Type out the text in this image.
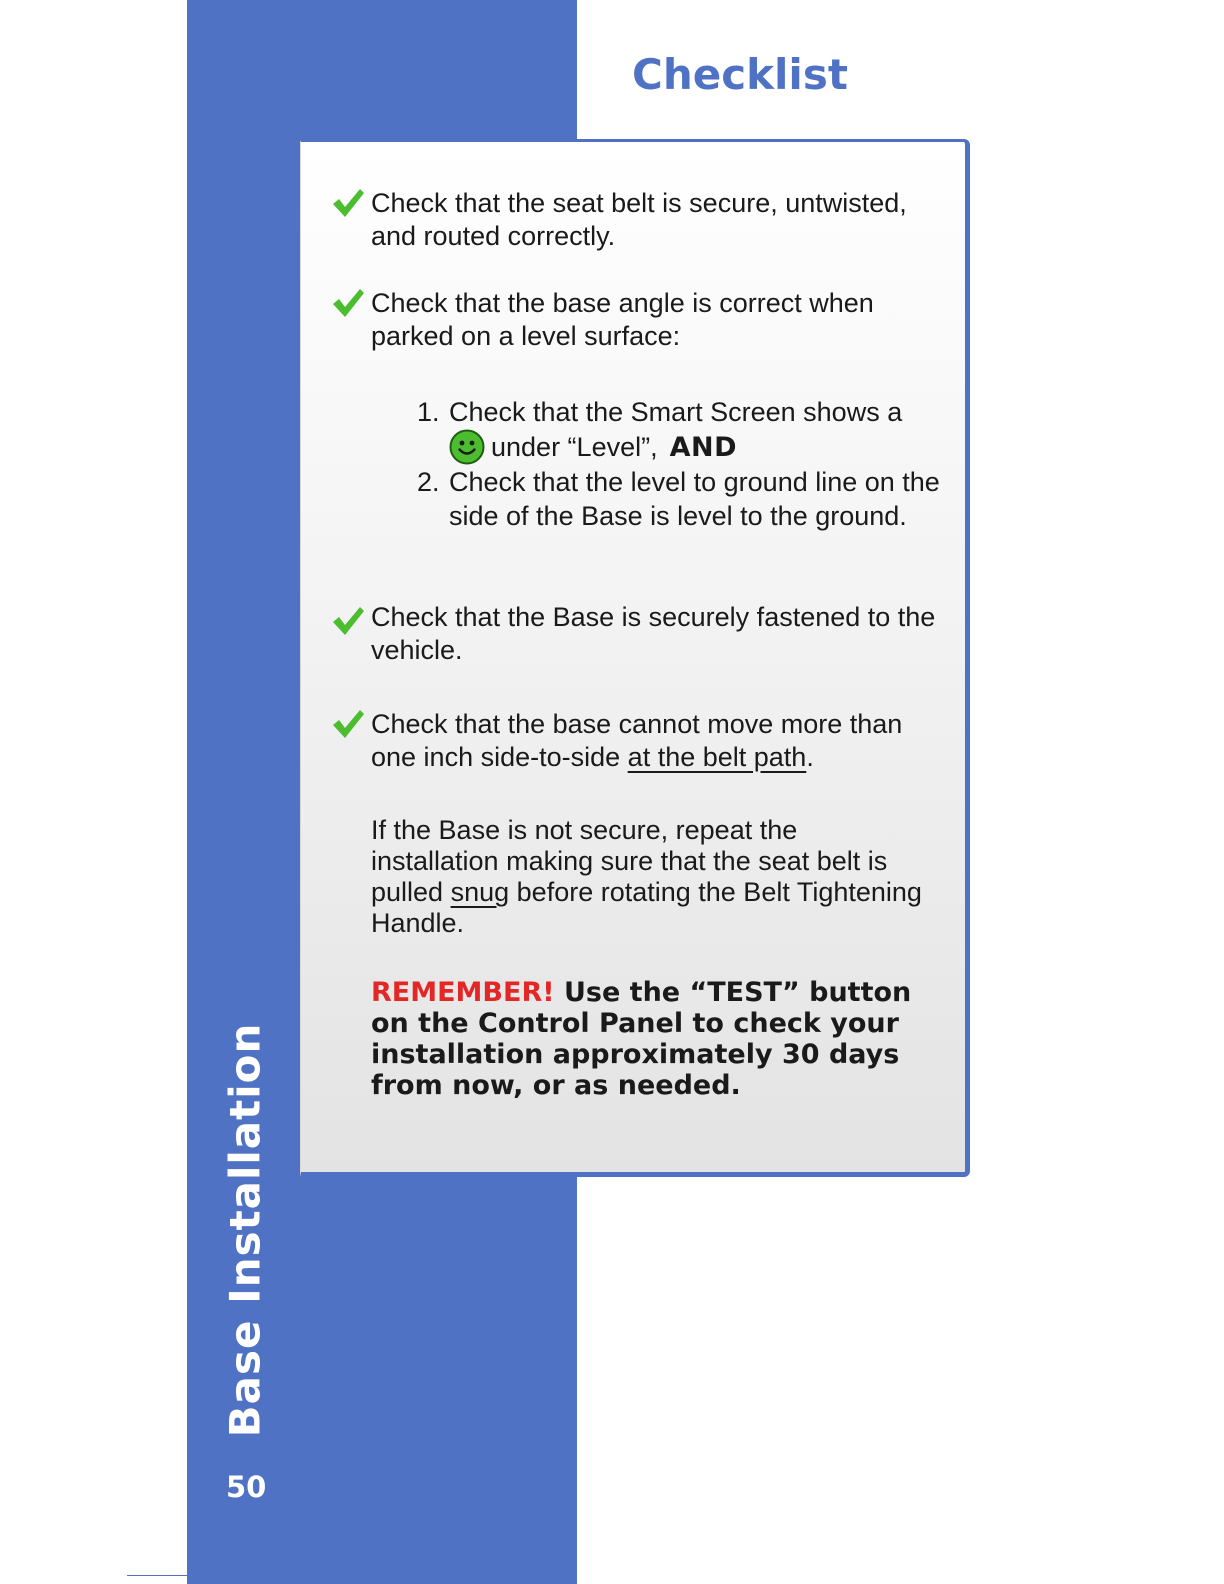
Base Installation
50
Checklist

Check that the seat belt is secure, untwisted, and routed correctly.

Check that the base angle is correct when parked on a level surface:

1. Check that the Smart Screen shows a
under “Level”, AND
2. Check that the level to ground line on the side of the Base is level to the ground.

Check that the Base is securely fastened to the vehicle.

Check that the base cannot move more than one inch side-to-side at the belt path.

If the Base is not secure, repeat the installation making sure that the seat belt is pulled snug before rotating the Belt Tightening Handle.

REMEMBER! Use the “TEST” button on the Control Panel to check your installation approximately 30 days from now, or as needed.
